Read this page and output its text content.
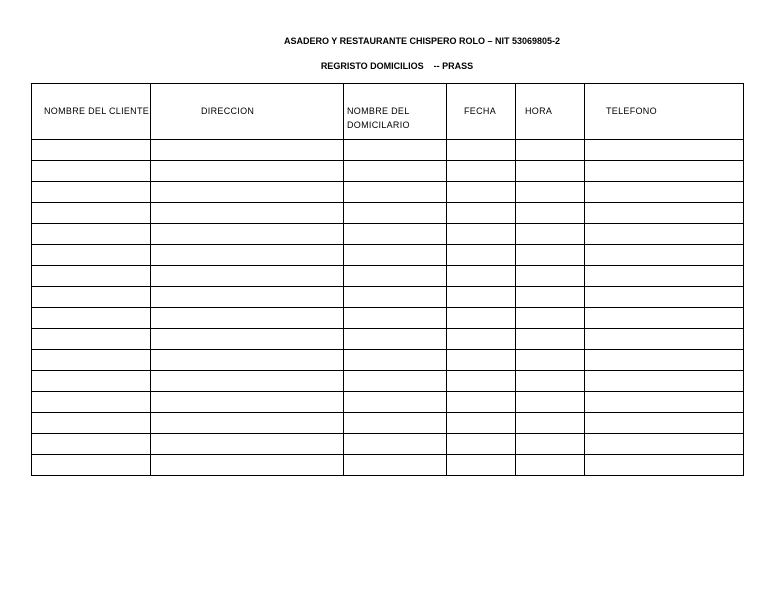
ASADERO Y RESTAURANTE CHISPERO ROLO – NIT 53069805-2
REGRISTO DOMICILIOS    -- PRASS
NOMBRE DEL CLIENTE	DIRECCION	NOMBRE DEL DOMICILARIO	FECHA	HORA	TELEFONO
